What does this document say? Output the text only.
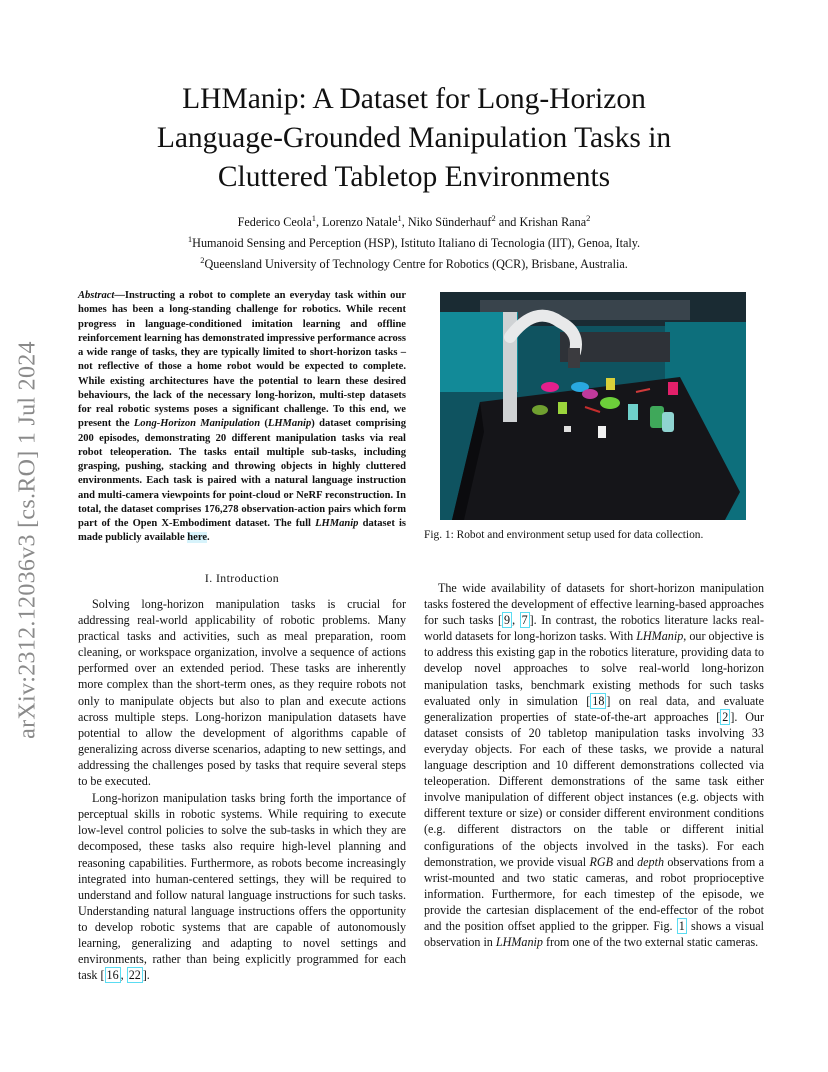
arXiv:2312.12036v3 [cs.RO] 1 Jul 2024
LHManip: A Dataset for Long-Horizon
Language-Grounded Manipulation Tasks in
Cluttered Tabletop Environments
Federico Ceola$^1$, Lorenzo Natale$^1$, Niko Sünderhauf$^2$ and Krishan Rana$^2$
$^1$Humanoid Sensing and Perception (HSP), Istituto Italiano di Tecnologia (IIT), Genoa, Italy.
$^2$Queensland University of Technology Centre for Robotics (QCR), Brisbane, Australia.
Abstract—Instructing a robot to complete an everyday task within our homes has been a long-standing challenge for robotics. While recent progress in language-conditioned imitation learning and offline reinforcement learning has demonstrated impressive performance across a wide range of tasks, they are typically limited to short-horizon tasks – not reflective of those a home robot would be expected to complete. While existing architectures have the potential to learn these desired behaviours, the lack of the necessary long-horizon, multi-step datasets for real robotic systems poses a significant challenge. To this end, we present the Long-Horizon Manipulation (LHManip) dataset comprising 200 episodes, demonstrating 20 different manipulation tasks via real robot teleoperation. The tasks entail multiple sub-tasks, including grasping, pushing, stacking and throwing objects in highly cluttered environments. Each task is paired with a natural language instruction and multi-camera viewpoints for point-cloud or NeRF reconstruction. In total, the dataset comprises 176,278 observation-action pairs which form part of the Open X-Embodiment dataset. The full LHManip dataset is made publicly available here.	Fig. 1: Robot and environment setup used for data collection.
I. Introduction

Solving long-horizon manipulation tasks is crucial for addressing real-world applicability of robotic problems. Many practical tasks and activities, such as meal preparation, room cleaning, or workspace organization, involve a sequence of actions performed over an extended period. These tasks are inherently more complex than the short-term ones, as they require robots not only to manipulate objects but also to plan and execute actions across multiple steps. Long-horizon manipulation datasets have potential to allow the development of algorithms capable of generalizing across diverse scenarios, adapting to new settings, and addressing the challenges posed by tasks that require several steps to be executed.

Long-horizon manipulation tasks bring forth the importance of perceptual skills in robotic systems. While requiring to execute low-level control policies to solve the sub-tasks in which they are decomposed, these tasks also require high-level planning and reasoning capabilities. Furthermore, as robots become increasingly integrated into human-centered settings, they will be required to understand and follow natural language instructions for such tasks. Understanding natural language instructions offers the opportunity to develop robotic systems that are capable of autonomously learning, generalizing and adapting to novel settings and environments, rather than being explicitly programmed for each task [ 16 , 22 ].

The wide availability of datasets for short-horizon manipulation tasks fostered the development of effective learning-based approaches for such tasks [ 9 , 7 ]. In contrast, the robotics literature lacks real-world datasets for long-horizon tasks. With LHManip, our objective is to address this existing gap in the robotics literature, providing data to develop novel approaches to solve real-world long-horizon manipulation tasks, benchmark existing methods for such tasks evaluated only in simulation [ 18 ] on real data, and evaluate generalization properties of state-of-the-art approaches [ 2 ]. Our dataset consists of 20 tabletop manipulation tasks involving 33 everyday objects. For each of these tasks, we provide a natural language description and 10 different demonstrations collected via teleoperation. Different demonstrations of the same task either involve manipulation of different object instances (e.g. objects with different texture or size) or consider different environment conditions (e.g. different distractors on the table or different initial configurations of the objects involved in the tasks). For each demonstration, we provide visual RGB and depth observations from a wrist-mounted and two static cameras, and robot proprioceptive information. Furthermore, for each timestep of the episode, we provide the cartesian displacement of the end-effector of the robot and the position offset applied to the gripper. Fig. 1 shows a visual observation in LHManip from one of the two external static cameras.
